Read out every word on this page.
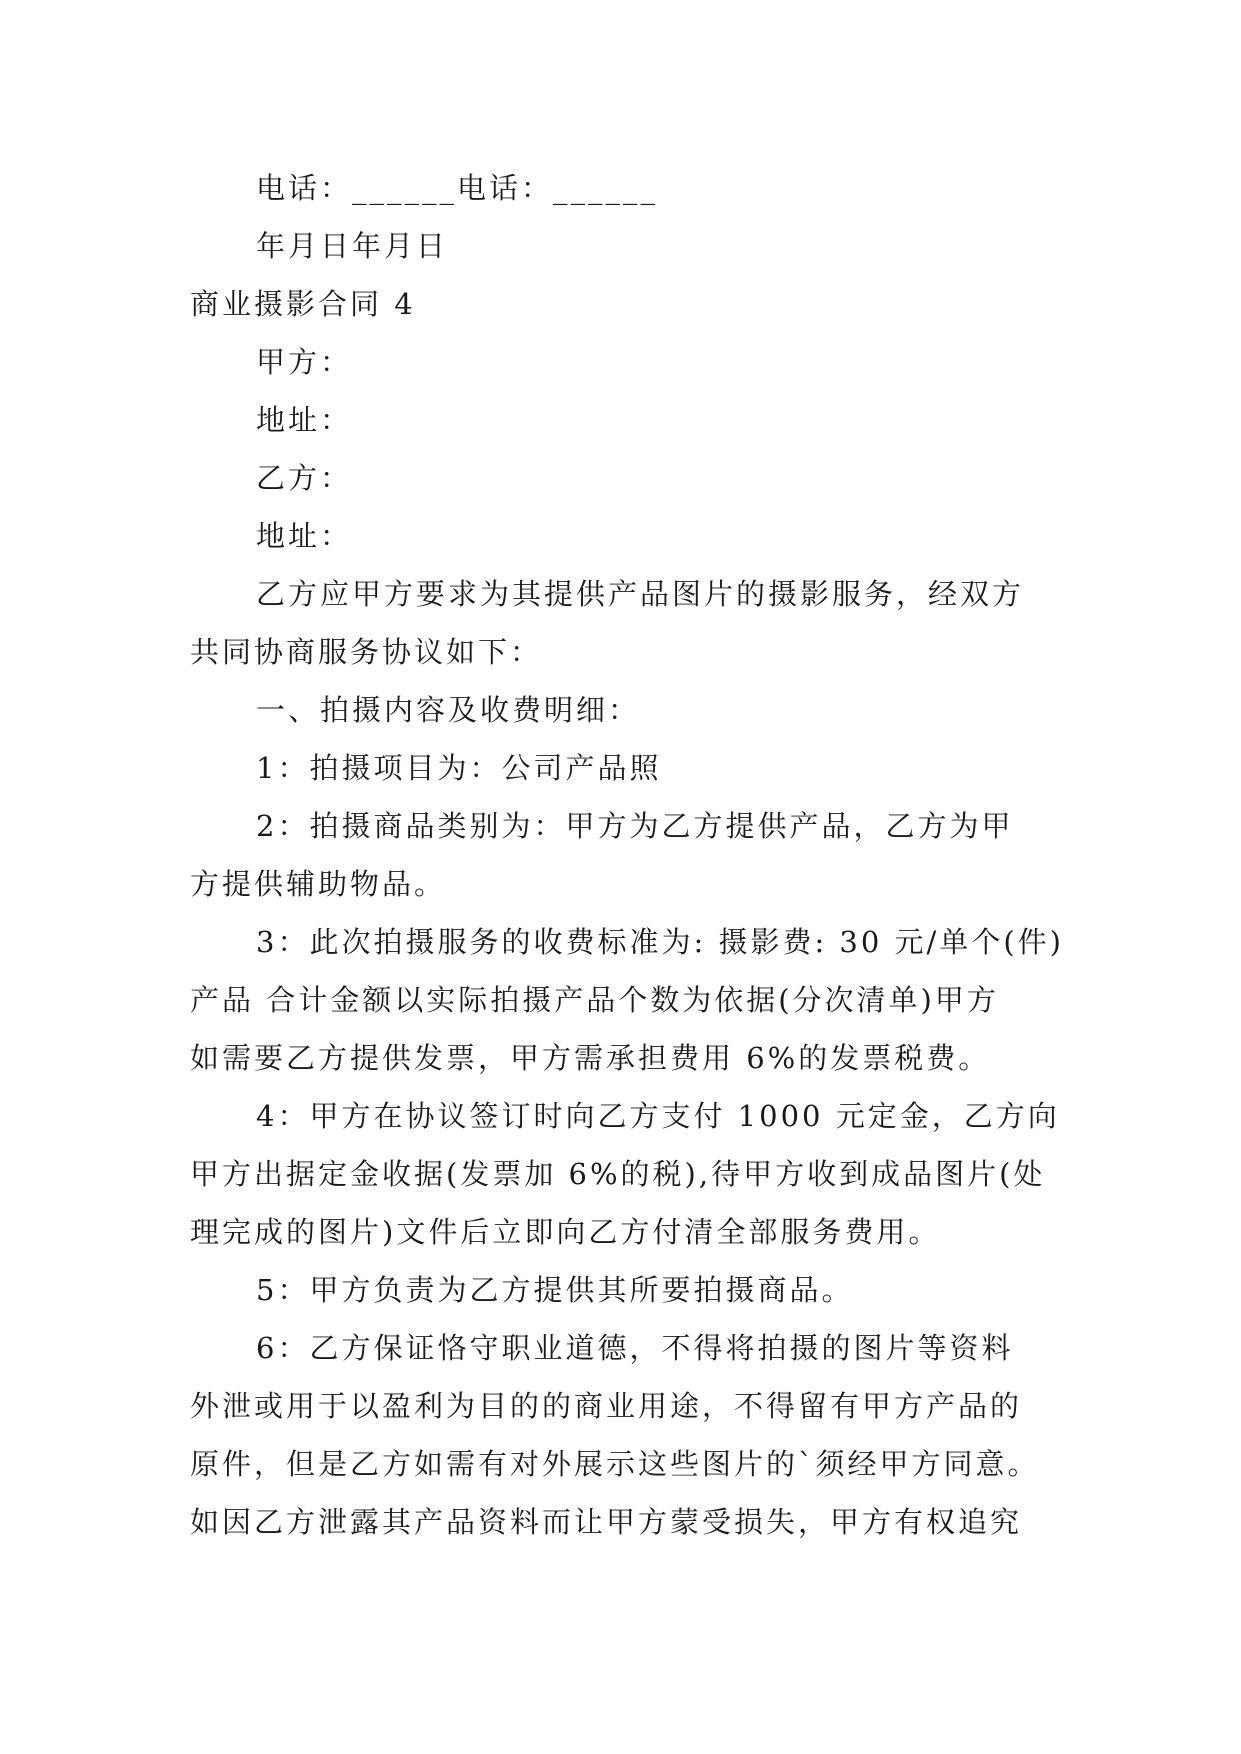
电话：______电话：______
年月日年月日
商业摄影合同 4
甲方：
地址：
乙方：
地址：
乙方应甲方要求为其提供产品图片的摄影服务，经双方
共同协商服务协议如下：
一、拍摄内容及收费明细：
1：拍摄项目为：公司产品照
2：拍摄商品类别为：甲方为乙方提供产品，乙方为甲
方提供辅助物品。
3：此次拍摄服务的收费标准为: 摄影费: 30 元/单个(件)
产品 合计金额以实际拍摄产品个数为依据(分次清单)甲方
如需要乙方提供发票，甲方需承担费用 6%的发票税费。
4：甲方在协议签订时向乙方支付 1000 元定金，乙方向
甲方出据定金收据(发票加 6%的税),待甲方收到成品图片(处
理完成的图片)文件后立即向乙方付清全部服务费用。
5：甲方负责为乙方提供其所要拍摄商品。
6：乙方保证恪守职业道德，不得将拍摄的图片等资料
外泄或用于以盈利为目的的商业用途，不得留有甲方产品的
原件，但是乙方如需有对外展示这些图片的`须经甲方同意。
如因乙方泄露其产品资料而让甲方蒙受损失，甲方有权追究
